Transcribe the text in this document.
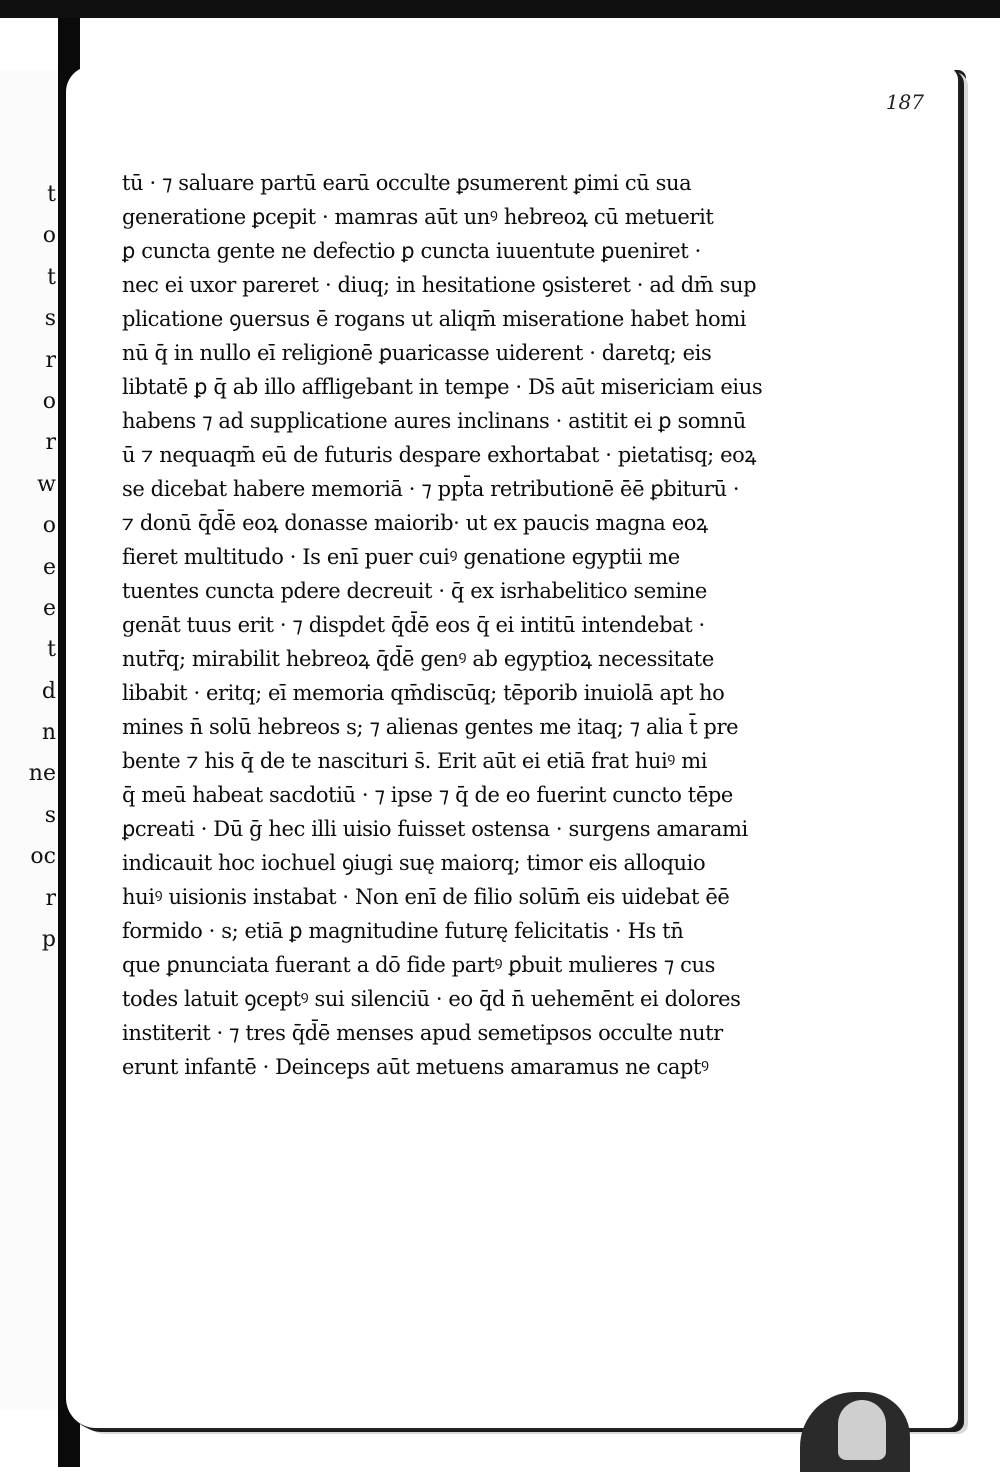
t
o
t
s
r
o
r
w
o
e
e
t
d
n
ne
s
oc
r
p
187
tū · ⁊ saluare partū earū occulte ꝑsumerent ꝑimi cū sua
generatione ꝑcepit · mamras aūt unꝰ hebreoꝝ cū metuerit
ꝑ cuncta gente ne defectio ꝑ cuncta iuuentute ꝑueniret ·
nec ei uxor pareret · diuq; in hesitatione ꝯsisteret · ad dm̄ sup
plicatione ꝯuersus ē rogans ut aliqm̄ miseratione habet homi
nū q̄ in nullo eī religionē ꝑuaricasse uiderent · daretq; eis
libtatē ꝑ q̄ ab illo affligebant in tempe · Ds̄ aūt misericiam eius
habens ⁊ ad supplicatione aures inclinans · astitit ei ꝑ somnū
ū ⁊ nequaqm̄ eū de futuris despare exhortabat · pietatisq; eoꝝ
se dicebat habere memoriā · ⁊ ppt̄a retributionē ēē ꝑbiturū ·
⁊ donū q̄d̄ē eoꝝ donasse maiorib· ut ex paucis magna eoꝝ
fieret multitudo · Is enī puer cuiꝰ genatione egyptii me
tuentes cuncta pdere decreuit · q̄ ex isrhabelitico semine
genāt tuus erit · ⁊ dispdet q̄d̄ē eos q̄ ei intitū intendebat ·
nutr̄q; mirabilit hebreoꝝ q̄d̄ē genꝰ ab egyptioꝝ necessitate
libabit · eritq; eī memoria qm̄discūq; tēporib inuiolā apt ho
mines n̄ solū hebreos s; ⁊ alienas gentes me itaq; ⁊ alia t̄ pre
bente ⁊ his q̄ de te nascituri s̄. Erit aūt ei etiā frat huiꝰ mi
q̄ meū habeat sacdotiū · ⁊ ipse ⁊ q̄ de eo fuerint cuncto tēpe
ꝑcreati · Dū ḡ hec illi uisio fuisset ostensa · surgens amarami
indicauit hoc iochuel ꝯiugi suę maiorq; timor eis alloquio
huiꝰ uisionis instabat · Non enī de filio solūm̄ eis uidebat ēē
formido · s; etiā ꝑ magnitudine futurę felicitatis · Hs tn̄
que ꝑnunciata fuerant a dō fide partꝰ ꝑbuit mulieres ⁊ cus
todes latuit ꝯceptꝰ sui silenciū · eo q̄d n̄ uehemēnt ei dolores
institerit · ⁊ tres q̄d̄ē menses apud semetipsos occulte nutr
erunt infantē · Deinceps aūt metuens amaramus ne captꝰ
